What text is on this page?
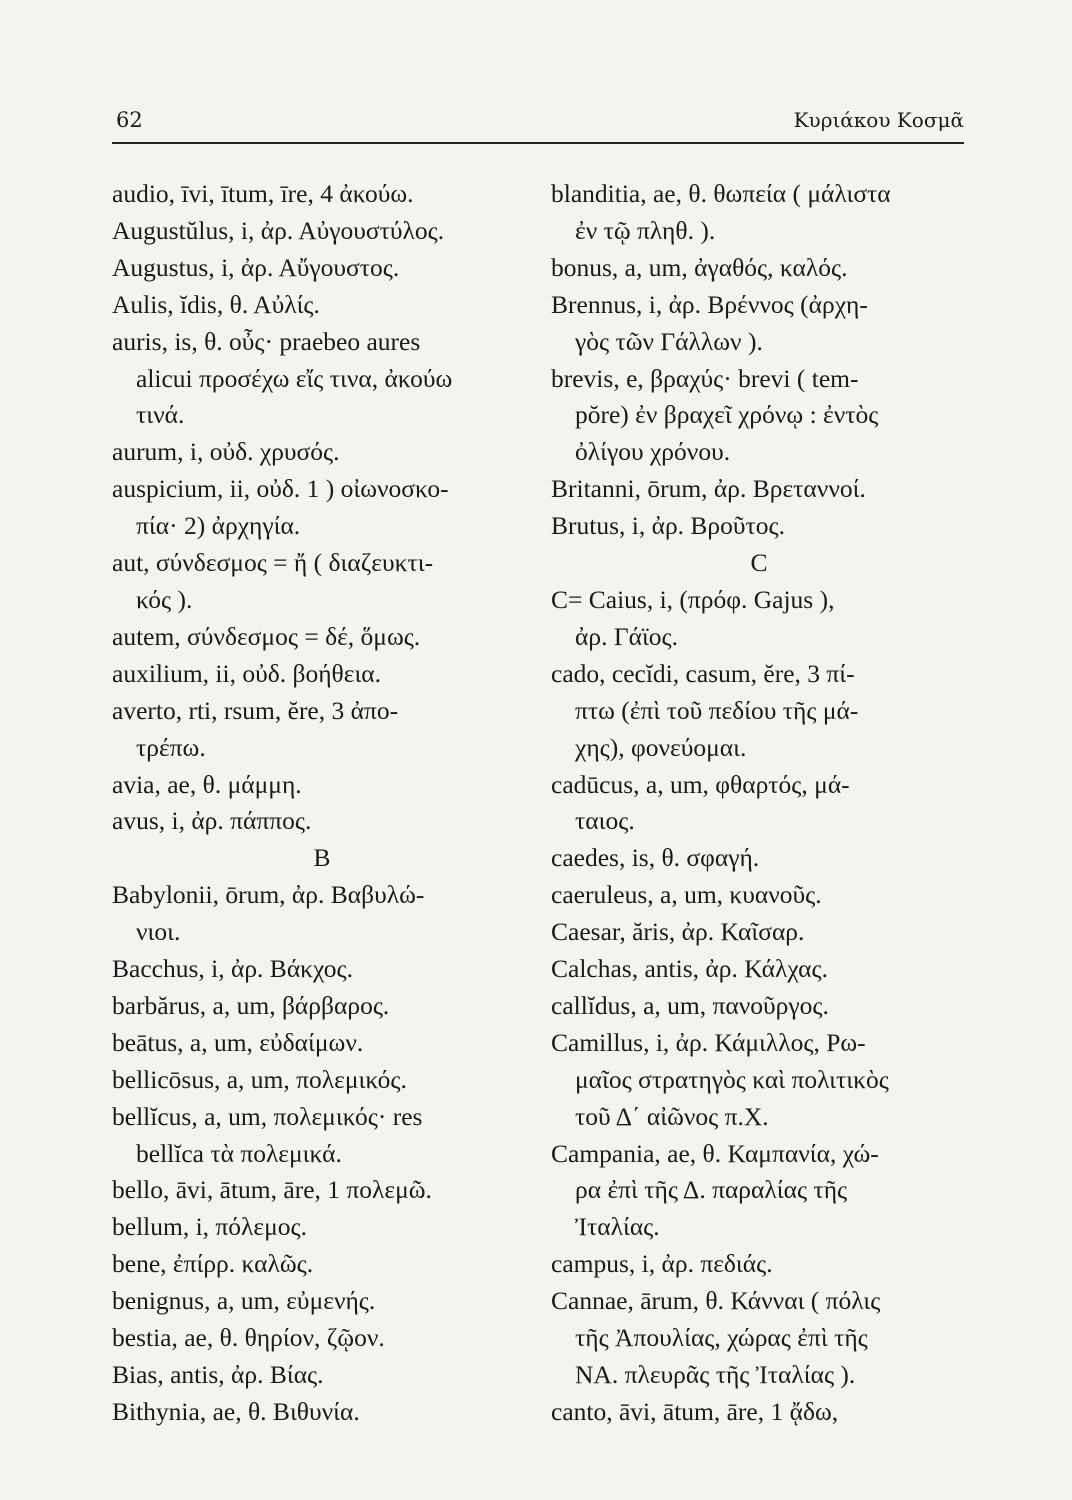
62	Κυριάκου Κοσμᾶ
audio, īvi, ītum, īre, 4 ἀκούω.
Augustŭlus, i, ἀρ. Αὐγουστύλος.
Augustus, i, ἀρ. Αὔγουστος.
Aulis, ĭdis, θ. Αὐλίς.
auris, is, θ. οὖς· praebeo aures
alicui προσέχω εἴς τινα, ἀκούω
τινά.
aurum, i, οὐδ. χρυσός.
auspicium, ii, οὐδ. 1 ) οἰωνοσκο-
πία· 2) ἀρχηγία.
aut, σύνδεσμος = ἤ ( διαζευκτι-
κός ).
autem, σύνδεσμος = δέ, ὅμως.
auxilium, ii, οὐδ. βοήθεια.
averto, rti, rsum, ĕre, 3 ἀπο-
τρέπω.
avia, ae, θ. μάμμη.
avus, i, ἀρ. πάππος.
B
Babylonii, ōrum, ἀρ. Βαβυλώ-
νιοι.
Bacchus, i, ἀρ. Βάκχος.
barbărus, a, um, βάρβαρος.
beātus, a, um, εὐδαίμων.
bellicōsus, a, um, πολεμικός.
bellĭcus, a, um, πολεμικός· res
bellĭca τὰ πολεμικά.
bello, āvi, ātum, āre, 1 πολεμῶ.
bellum, i, πόλεμος.
bene, ἐπίρρ. καλῶς.
benignus, a, um, εὐμενής.
bestia, ae, θ. θηρίον, ζῷον.
Bias, antis, ἀρ. Βίας.
Bithynia, ae, θ. Βιθυνία.
blanditia, ae, θ. θωπεία ( μάλιστα
ἐν τῷ πληθ. ).
bonus, a, um, ἀγαθός, καλός.
Brennus, i, ἀρ. Βρέννος (ἀρχη-
γὸς τῶν Γάλλων ).
brevis, e, βραχύς· brevi ( tem-
pŏre) ἐν βραχεῖ χρόνῳ : ἐντὸς
ὀλίγου χρόνου.
Britanni, ōrum, ἀρ. Βρεταννοί.
Brutus, i, ἀρ. Βροῦτος.
C
C= Caius, i, (πρόφ. Gajus ),
ἀρ. Γάϊος.
cado, cecĭdi, casum, ĕre, 3 πί-
πτω (ἐπὶ τοῦ πεδίου τῆς μά-
χης), φονεύομαι.
cadūcus, a, um, φθαρτός, μά-
ταιος.
caedes, is, θ. σφαγή.
caeruleus, a, um, κυανοῦς.
Caesar, ăris, ἀρ. Καῖσαρ.
Calchas, antis, ἀρ. Κάλχας.
callĭdus, a, um, πανοῦργος.
Camillus, i, ἀρ. Κάμιλλος, Ρω-
μαῖος στρατηγὸς καὶ πολιτικὸς
τοῦ Δ΄ αἰῶνος π.Χ.
Campania, ae, θ. Καμπανία, χώ-
ρα ἐπὶ τῆς Δ. παραλίας τῆς
Ἰταλίας.
campus, i, ἀρ. πεδιάς.
Cannae, ārum, θ. Κάνναι ( πόλις
τῆς Ἀπουλίας, χώρας ἐπὶ τῆς
ΝΑ. πλευρᾶς τῆς Ἰταλίας ).
canto, āvi, ātum, āre, 1 ᾄδω,
